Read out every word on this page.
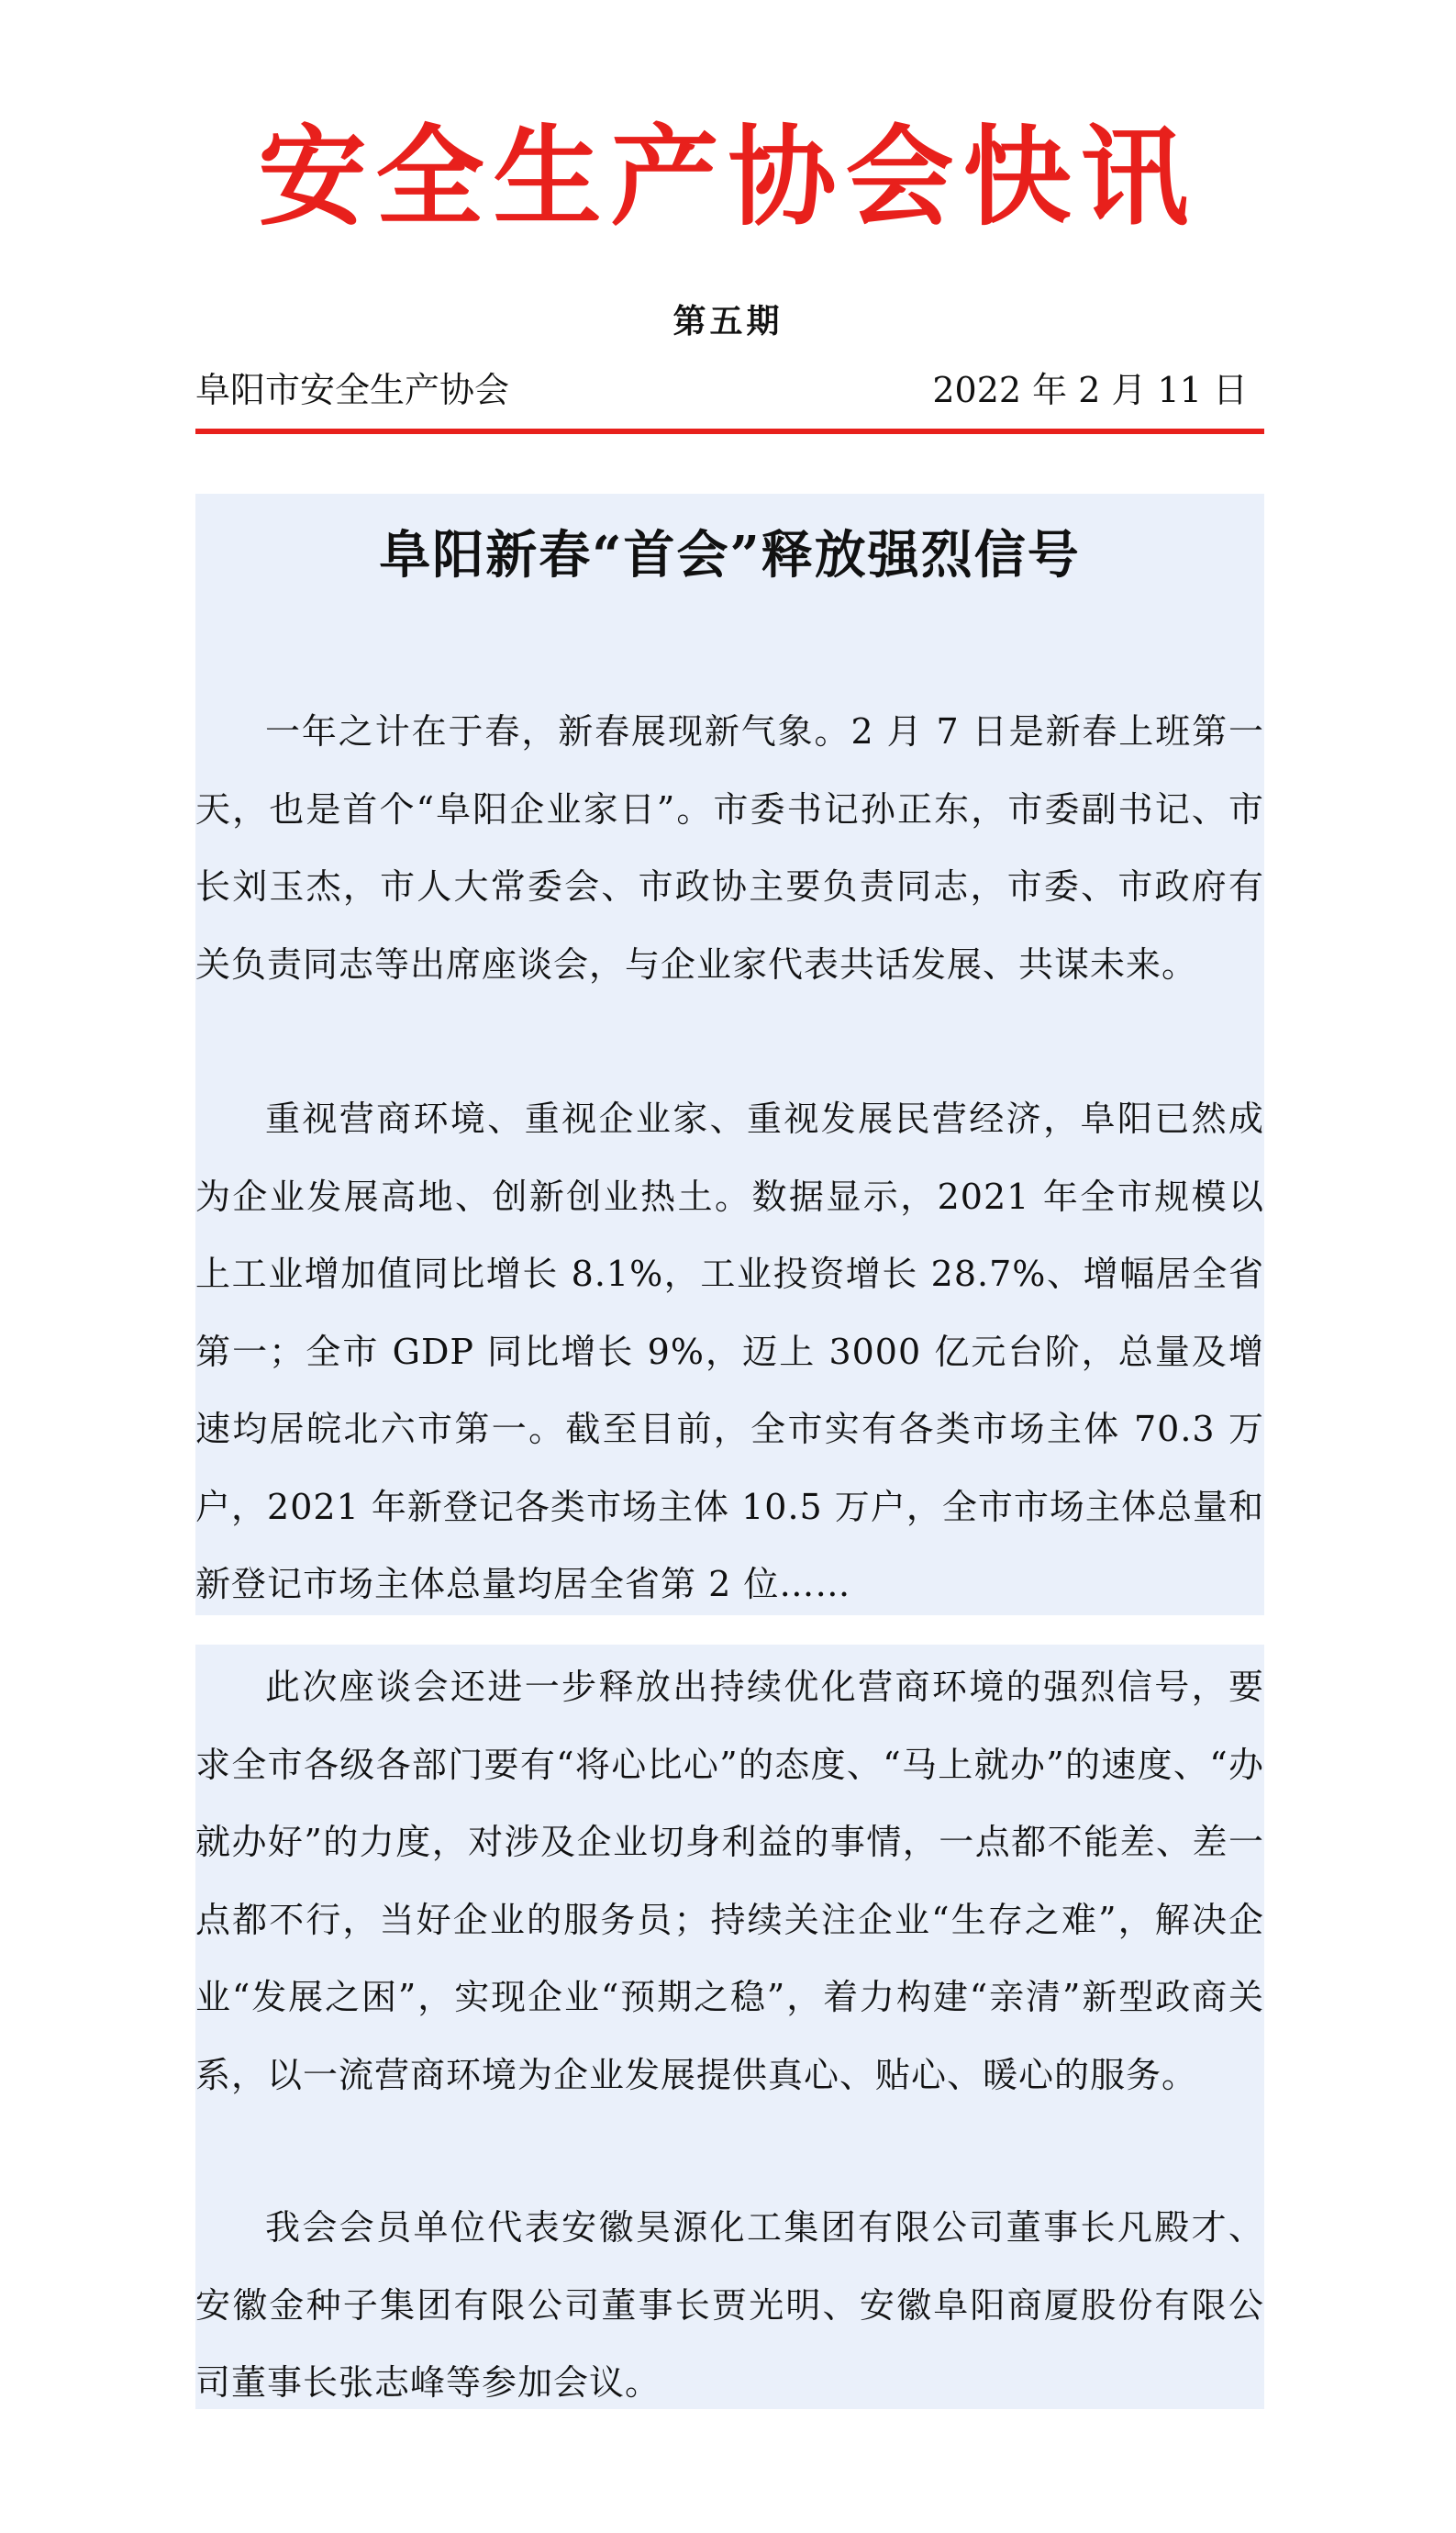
安全生产协会快讯
第五期
阜阳市安全生产协会	2022 年 2 月 11 日
阜阳新春“首会”释放强烈信号

一年之计在于春，新春展现新气象。2 月 7 日是新春上班第一天，也是首个“阜阳企业家日”。市委书记孙正东，市委副书记、市长刘玉杰，市人大常委会、市政协主要负责同志，市委、市政府有关负责同志等出席座谈会，与企业家代表共话发展、共谋未来。

重视营商环境、重视企业家、重视发展民营经济，阜阳已然成为企业发展高地、创新创业热土。数据显示，2021 年全市规模以上工业增加值同比增长 8.1%，工业投资增长 28.7%、增幅居全省第一；全市 GDP 同比增长 9%，迈上 3000 亿元台阶，总量及增速均居皖北六市第一。截至目前，全市实有各类市场主体 70.3 万户，2021 年新登记各类市场主体 10.5 万户，全市市场主体总量和新登记市场主体总量均居全省第 2 位……

此次座谈会还进一步释放出持续优化营商环境的强烈信号，要求全市各级各部门要有“将心比心”的态度、“马上就办”的速度、“办就办好”的力度，对涉及企业切身利益的事情，一点都不能差、差一点都不行，当好企业的服务员；持续关注企业“生存之难”，解决企业“发展之困”，实现企业“预期之稳”，着力构建“亲清”新型政商关系，以一流营商环境为企业发展提供真心、贴心、暖心的服务。

我会会员单位代表安徽昊源化工集团有限公司董事长凡殿才、安徽金种子集团有限公司董事长贾光明、安徽阜阳商厦股份有限公司董事长张志峰等参加会议。
